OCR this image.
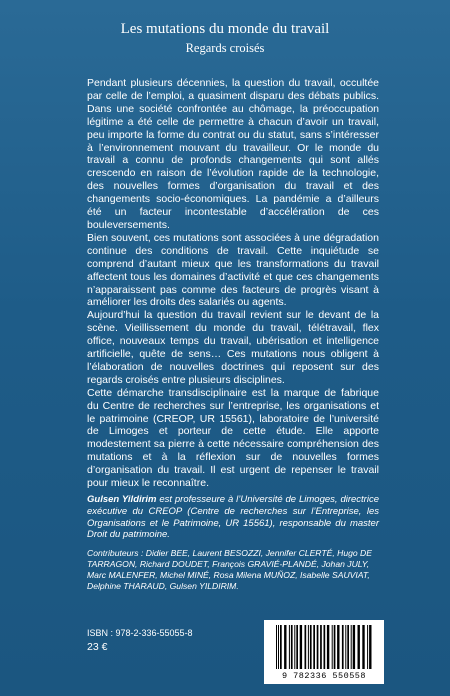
Les mutations du monde du travail
Regards croisés

Pendant plusieurs décennies, la question du travail, occultée par celle de l’emploi, a quasiment disparu des débats publics. Dans une société confrontée au chômage, la préoccupation légitime a été celle de permettre à chacun d’avoir un travail, peu importe la forme du contrat ou du statut, sans s’intéresser à l’environnement mouvant du travailleur. Or le monde du travail a connu de profonds changements qui sont allés crescendo en raison de l’évolution rapide de la technologie, des nouvelles formes d’organisation du travail et des changements socio-économiques. La pandémie a d’ailleurs été un facteur incontestable d’accélération de ces bouleversements.

Bien souvent, ces mutations sont associées à une dégradation continue des conditions de travail. Cette inquiétude se comprend d’autant mieux que les transformations du travail affectent tous les domaines d’activité et que ces changements n’apparaissent pas comme des facteurs de progrès visant à améliorer les droits des salariés ou agents.

Aujourd’hui la question du travail revient sur le devant de la scène. Vieillissement du monde du travail, télétravail, flex office, nouveaux temps du travail, ubérisation et intelligence artificielle, quête de sens… Ces mutations nous obligent à l’élaboration de nouvelles doctrines qui reposent sur des regards croisés entre plusieurs disciplines.

Cette démarche transdisciplinaire est la marque de fabrique du Centre de recherches sur l’entreprise, les organisations et le patrimoine (CREOP, UR 15561), laboratoire de l’université de Limoges et porteur de cette étude. Elle apporte modestement sa pierre à cette nécessaire compréhension des mutations et à la réflexion sur de nouvelles formes d’organisation du travail. Il est urgent de repenser le travail pour mieux le reconnaître.

Gulsen Yildirim est professeure à l’Université de Limoges, directrice exécutive du CREOP (Centre de recherches sur l’Entreprise, les Organisations et le Patrimoine, UR 15561), responsable du master Droit du patrimoine.

Contributeurs : Didier BEE, Laurent BESOZZI, Jennifer CLERTÉ, Hugo DE TARRAGON, Richard DOUDET, François GRAVIÉ-PLANDÉ, Johan JULY, Marc MALENFER, Michel MINÉ, Rosa Milena MUÑOZ, Isabelle SAUVIAT, Delphine THARAUD, Gulsen YILDIRIM.

ISBN : 978-2-336-55055-8
23 €
9 782336 550558
